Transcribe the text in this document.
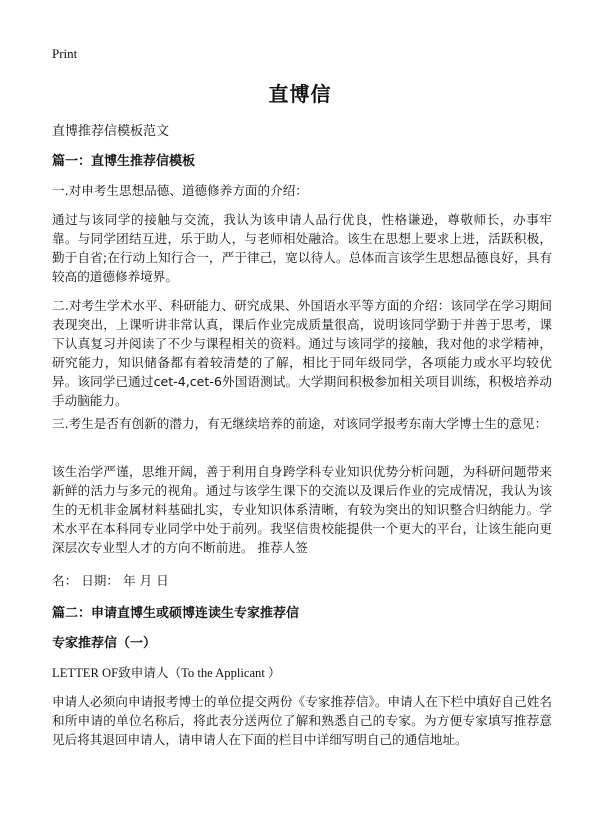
Print
直博信
直博推荐信模板范文
篇一：直博生推荐信模板
一.对申考生思想品德、道德修养方面的介绍：
通过与该同学的接触与交流，我认为该申请人品行优良，性格谦逊，尊敬师长，办事牢靠。与同学团结互进，乐于助人，与老师相处融洽。该生在思想上要求上进，活跃积极，勤于自省;在行动上知行合一，严于律己，宽以待人。总体而言该学生思想品德良好，具有较高的道德修养境界。
二.对考生学术水平、科研能力、研究成果、外国语水平等方面的介绍：该同学在学习期间表现突出，上课听讲非常认真，课后作业完成质量很高，说明该同学勤于并善于思考，课下认真复习并阅读了不少与课程相关的资料。通过与该同学的接触，我对他的求学精神，研究能力，知识储备都有着较清楚的了解，相比于同年级同学，各项能力或水平均较优异。该同学已通过cet-4,cet-6外国语测试。大学期间积极参加相关项目训练，积极培养动手动脑能力。
三.考生是否有创新的潜力，有无继续培养的前途，对该同学报考东南大学博士生的意见：
该生治学严谨，思维开阔，善于利用自身跨学科专业知识优势分析问题，为科研问题带来新鲜的活力与多元的视角。通过与该学生课下的交流以及课后作业的完成情况，我认为该生的无机非金属材料基础扎实，专业知识体系清晰，有较为突出的知识整合归纳能力。学术水平在本科同专业同学中处于前列。我坚信贵校能提供一个更大的平台，让该生能向更深层次专业型人才的方向不断前进。 推荐人签
名： 日期： 年 月 日
篇二：申请直博生或硕博连读生专家推荐信
专家推荐信（一）
LETTER OF致申请人（To the Applicant ）
申请人必须向申请报考博士的单位提交两份《专家推荐信》。申请人在下栏中填好自己姓名和所申请的单位名称后，将此表分送两位了解和熟悉自己的专家。为方便专家填写推荐意见后将其退回申请人，请申请人在下面的栏目中详细写明自己的通信地址。
